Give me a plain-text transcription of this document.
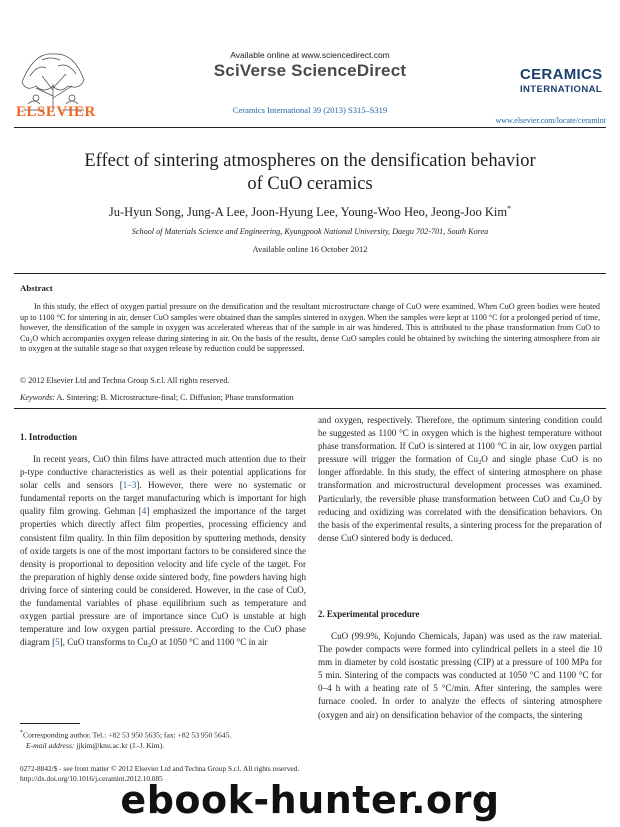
ELSEVIER
Available online at www.sciencedirect.com
SciVerse ScienceDirect
Ceramics International 39 (2013) S315–S319
CERAMICS
INTERNATIONAL
www.elsevier.com/locate/ceramint
Effect of sintering atmospheres on the densification behavior
of CuO ceramics
Ju-Hyun Song, Jung-A Lee, Joon-Hyung Lee, Young-Woo Heo, Jeong-Joo Kim*
School of Materials Science and Engineering, Kyungpook National University, Daegu 702-701, South Korea
Available online 16 October 2012
Abstract
In this study, the effect of oxygen partial pressure on the densification and the resultant microstructure change of CuO were examined. When CuO green bodies were heated up to 1100 °C for sintering in air, denser CuO samples were obtained than the samples sintered in oxygen. When the samples were kept at 1100 °C for a prolonged period of time, however, the densification of the sample in oxygen was accelerated whereas that of the sample in air was hindered. This is attributed to the phase transformation from CuO to $Cu_2O$ which accompanies oxygen release during sintering in air. On the basis of the results, dense CuO samples could be obtained by switching the sintering atmosphere from air to oxygen at the suitable stage so that oxygen release by reduction could be suppressed.
© 2012 Elsevier Ltd and Techna Group S.r.l. All rights reserved.
Keywords: A. Sintering; B. Microstructure-final; C. Diffusion; Phase transformation
1. Introduction

In recent years, CuO thin films have attracted much attention due to their p-type conductive characteristics as well as their potential applications for solar cells and sensors [1–3]. However, there were no systematic or fundamental reports on the target manufacturing which is important for high quality film growing. Gehman [4] emphasized the importance of the target properties which directly affect film properties, processing efficiency and consistent film quality. In thin film deposition by sputtering methods, density of oxide targets is one of the most important factors to be considered since the density is proportional to deposition velocity and life cycle of the target. For the preparation of highly dense oxide sintered body, fine powders having high driving force of sintering could be considered. However, in the case of CuO, the fundamental variables of phase equilibrium such as temperature and oxygen partial pressure are of importance since CuO is unstable at high temperature and low oxygen partial pressure. According to the CuO phase diagram [5], CuO transforms to $Cu_2O$ at 1050 °C and 1100 °C in air

and oxygen, respectively. Therefore, the optimum sintering condition could be suggested as 1100 °C in oxygen which is the highest temperature without phase transformation. If CuO is sintered at 1100 °C in air, low oxygen partial pressure will trigger the formation of $Cu_2O$ and single phase CuO is no longer affordable. In this study, the effect of sintering atmosphere on phase transformation and microstructural development processes was examined. Particularly, the reversible phase transformation between CuO and $Cu_2O$ by reducing and oxidizing was correlated with the densification behaviors. On the basis of the experimental results, a sintering process for the preparation of dense CuO sintered body is deduced.

2. Experimental procedure

CuO (99.9%, Kojundo Chemicals, Japan) was used as the raw material. The powder compacts were formed into cylindrical pellets in a steel die 10 mm in diameter by cold isostatic pressing (CIP) at a pressure of 100 MPa for 5 min. Sintering of the compacts was conducted at 1050 °C and 1100 °C for 0–4 h with a heating rate of 5 °C/min. After sintering, the samples were furnace cooled. In order to analyze the effects of sintering atmosphere (oxygen and air) on densification behavior of the compacts, the sintering

*Corresponding author. Tel.: +82 53 950 5635; fax: +82 53 950 5645.
E-mail address: jjkim@knu.ac.kr (J.-J. Kim).
0272-8842/$ - see front matter © 2012 Elsevier Ltd and Techna Group S.r.l. All rights reserved.
http://dx.doi.org/10.1016/j.ceramint.2012.10.085
ebook-hunter.org
